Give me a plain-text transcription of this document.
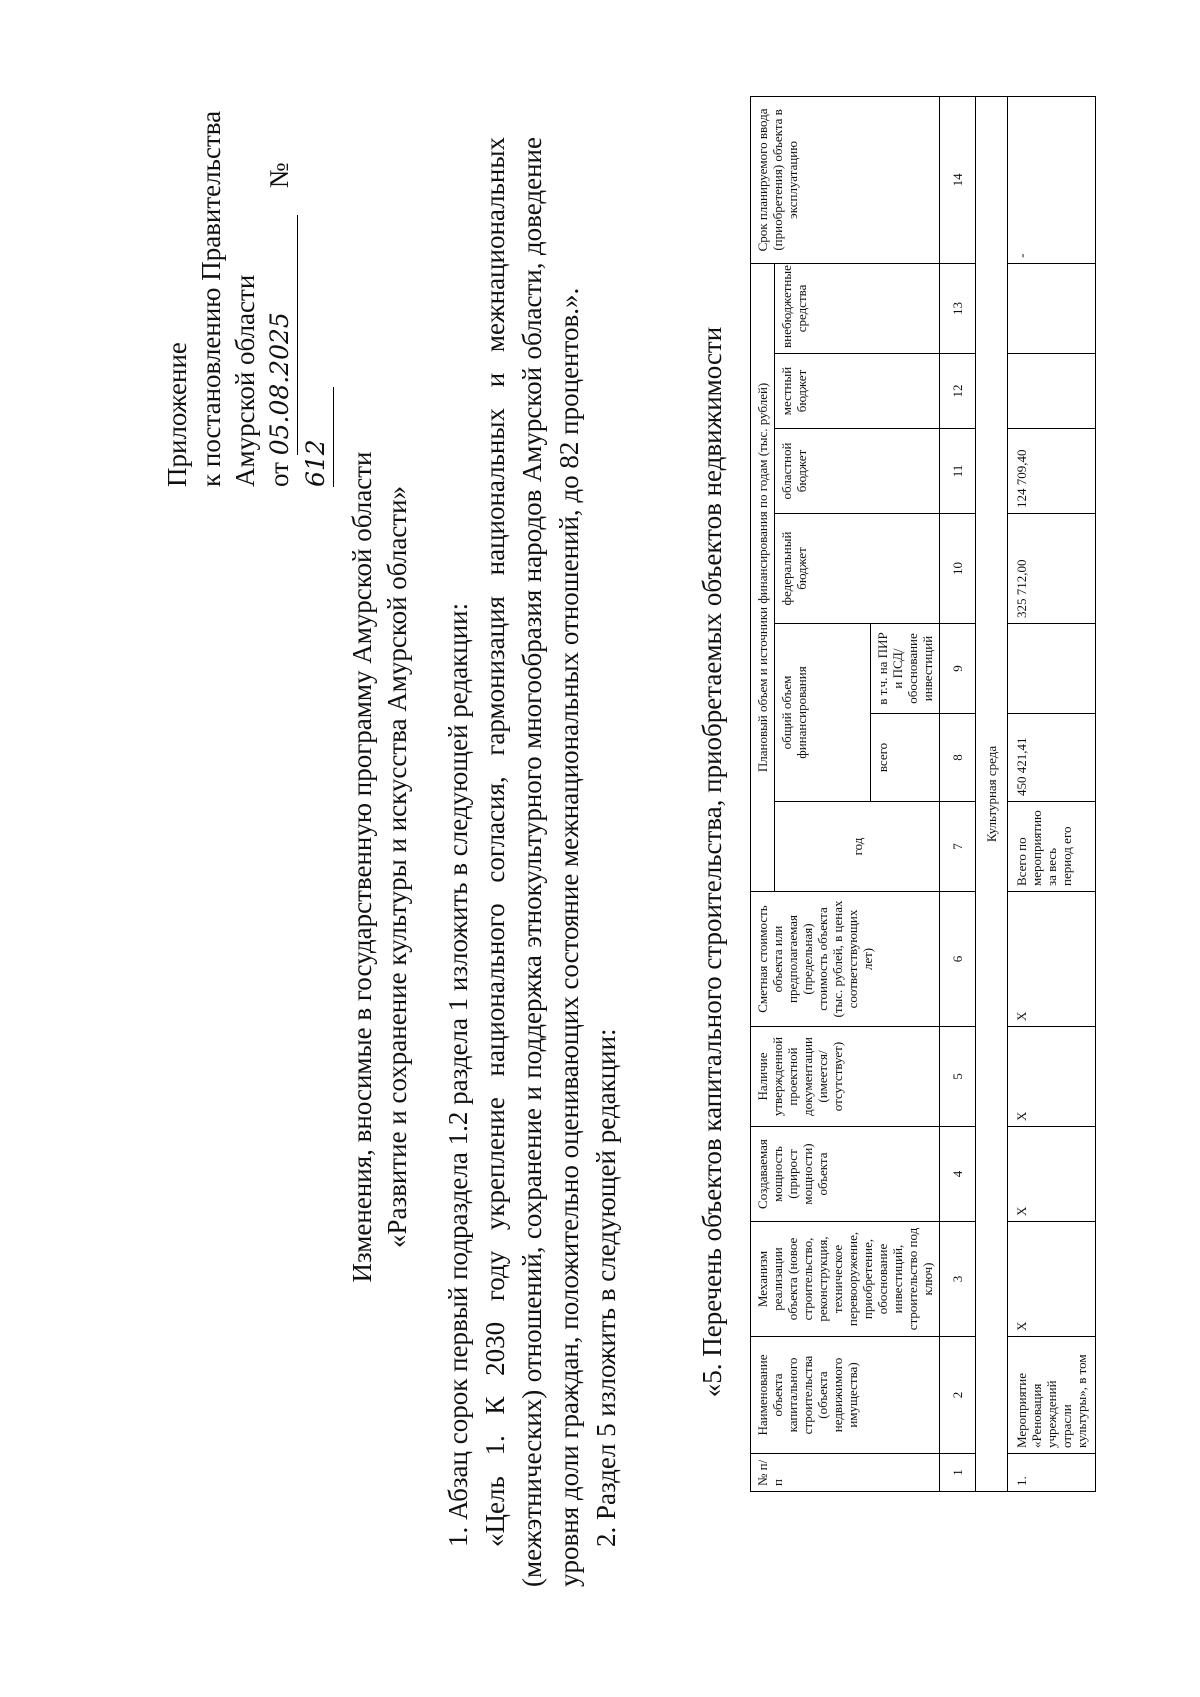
Приложение к постановлению Правительства Амурской области от 05.08.2025    № 612 Изменения, вносимые в государственную программу Амурской области «Развитие и сохранение культуры и искусства Амурской области» 1. Абзац сорок первый подраздела 1.2 раздела 1 изложить в следующей редакции: «Цель 1. К 2030 году укрепление национального согласия, гармонизация национальных и межнациональных (межэтнических) отношений, сохранение и поддержка этнокультурного многообразия народов Амурской области, доведение уровня доли граждан, положительно оценивающих состояние межнациональных отношений, до 82 процентов.». 2. Раздел 5 изложить в следующей редакции:	«5. Перечень объектов капитального строительства, приобретаемых объектов недвижимости
№ п/п	Наименование объекта капитального строительства (объекта недвижимого имущества)	Механизм реализации объекта (новое строительство, реконструкция, техническое перевооружение, приобретение, обоснование инвестиций, строительство под ключ)	Создаваемая мощность (прирост мощности) объекта	Наличие утвержденной проектной документации (имеется/ отсутствует)	Сметная стоимость объекта или предполагаемая (предельная) стоимость объекта (тыс. рублей, в ценах соответствующих лет)	Плановый объем и источники финансирования по годам (тыс. рублей)							Срок планируемого ввода (приобретения) объекта в эксплуатацию
						год	общий объем финансирования		федеральный бюджет	областной бюджет	местный бюджет	внебюджетные средства	
							всего	в т.ч. на ПИР и ПСД/ обоснование инвестиций					
1	2	3	4	5	6	7	8	9	10	11	12	13	14
Культурная среда													
1.	Мероприятие «Реновация учреждений отрасли культуры», в том	X	X	X	X	Всего по мероприятию за весь период его	450 421,41		325 712,00	124 709,40			-
